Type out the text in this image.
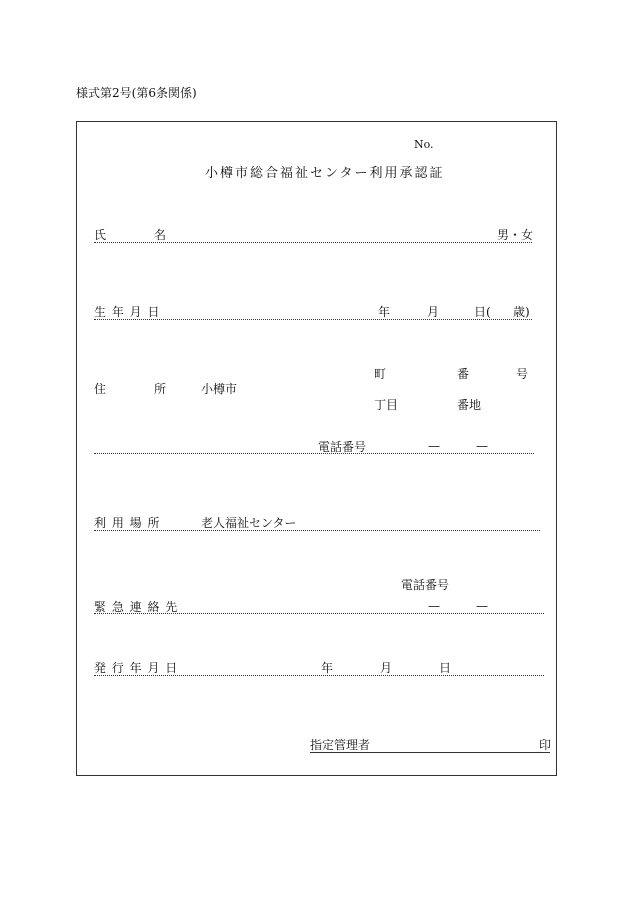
様式第2号(第6条関係)
No.
小樽市総合福祉センター利用承認証
氏	名	男・女
生 年 月 日	年	月	日( 歳)
町	番	号
住	所	小樽市
丁目	番地
電話番号	—	—
利 用 場 所	老人福祉センター
電話番号
緊 急 連 絡 先	—	—
発 行 年 月 日	年	月	日
指定管理者	印
